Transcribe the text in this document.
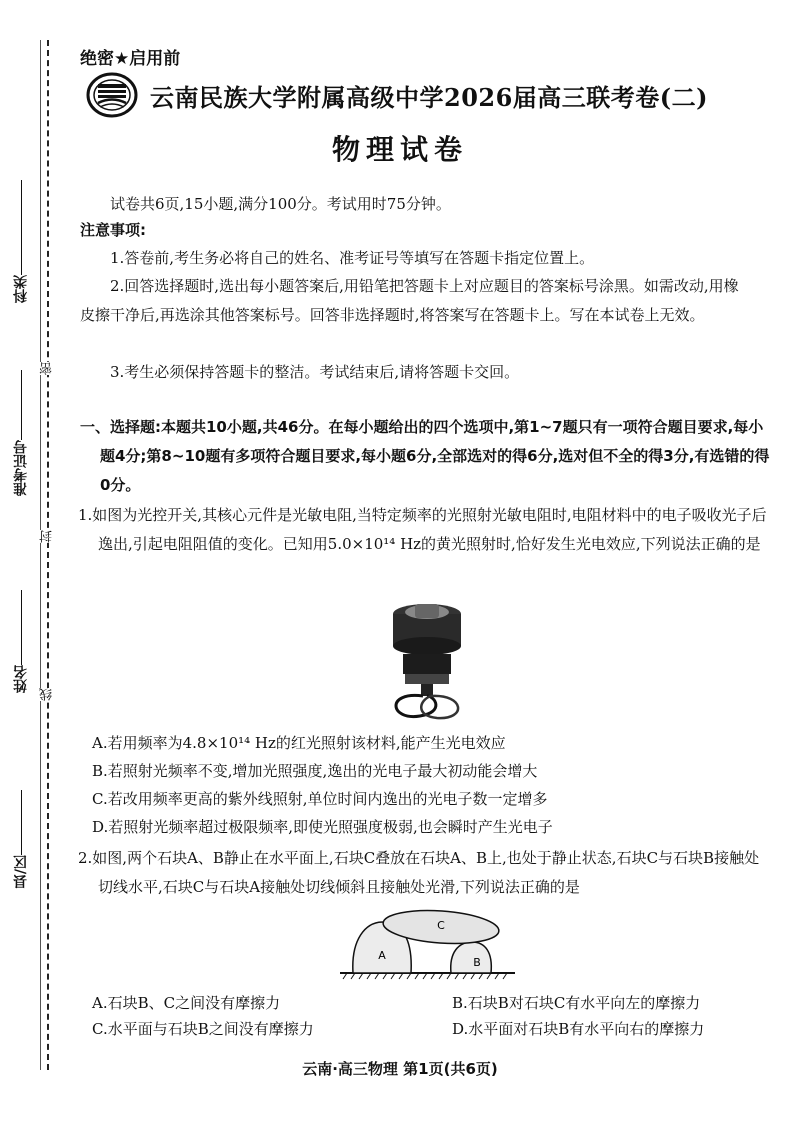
科类
准考证号
姓名
县/区
密
封
线
绝密★启用前
云南民族大学附属高级中学2026届高三联考卷(二)
物理试卷
试卷共6页,15小题,满分100分。考试用时75分钟。
注意事项:
1.答卷前,考生务必将自己的姓名、准考证号等填写在答题卡指定位置上。
2.回答选择题时,选出每小题答案后,用铅笔把答题卡上对应题目的答案标号涂黑。如需改动,用橡皮擦干净后,再选涂其他答案标号。回答非选择题时,将答案写在答题卡上。写在本试卷上无效。
3.考生必须保持答题卡的整洁。考试结束后,请将答题卡交回。
一、选择题:本题共10小题,共46分。在每小题给出的四个选项中,第1~7题只有一项符合题目要求,每小题4分;第8~10题有多项符合题目要求,每小题6分,全部选对的得6分,选对但不全的得3分,有选错的得0分。
1.如图为光控开关,其核心元件是光敏电阻,当特定频率的光照射光敏电阻时,电阻材料中的电子吸收光子后逸出,引起电阻阻值的变化。已知用5.0×10¹⁴ Hz的黄光照射时,恰好发生光电效应,下列说法正确的是
A.若用频率为4.8×10¹⁴ Hz的红光照射该材料,能产生光电效应
B.若照射光频率不变,增加光照强度,逸出的光电子最大初动能会增大
C.若改用频率更高的紫外线照射,单位时间内逸出的光电子数一定增多
D.若照射光频率超过极限频率,即使光照强度极弱,也会瞬时产生光电子
2.如图,两个石块A、B静止在水平面上,石块C叠放在石块A、B上,也处于静止状态,石块C与石块B接触处切线水平,石块C与石块A接触处切线倾斜且接触处光滑,下列说法正确的是
A
B
C
A.石块B、C之间没有摩擦力	B.石块B对石块C有水平向左的摩擦力
C.水平面与石块B之间没有摩擦力	D.水平面对石块B有水平向右的摩擦力
云南·高三物理 第1页(共6页)
